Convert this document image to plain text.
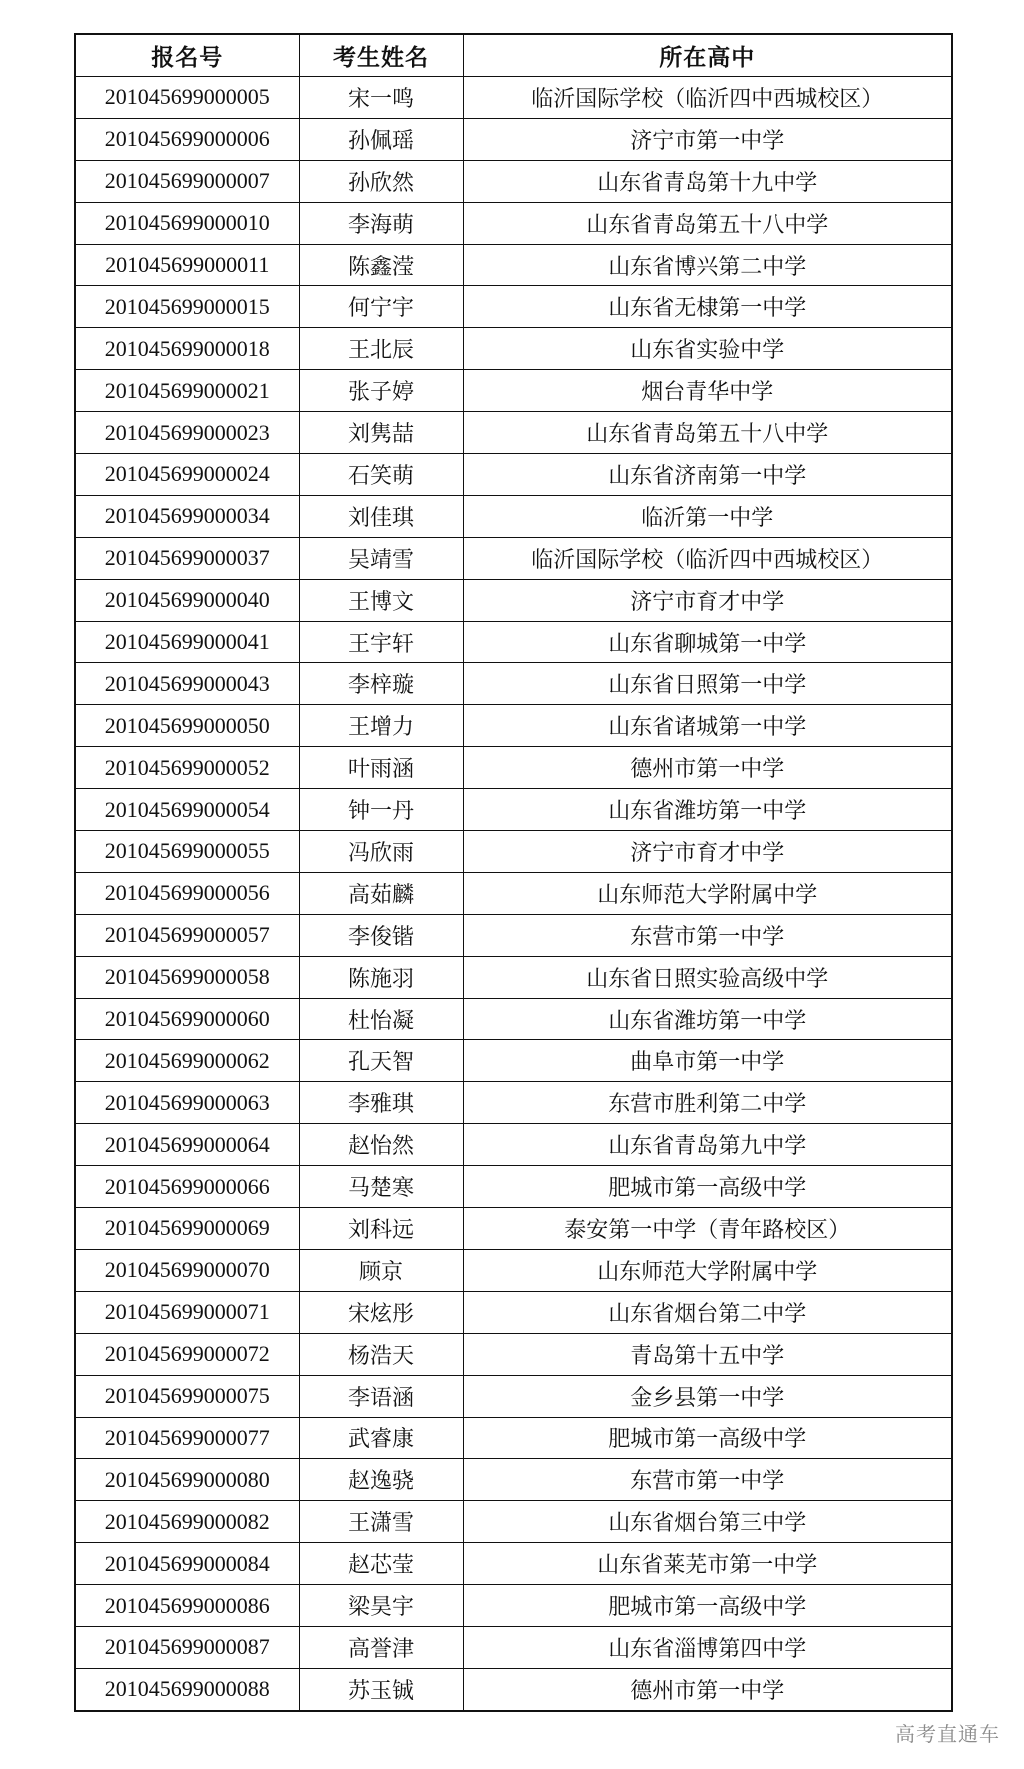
报名号	考生姓名	所在高中
201045699000005	宋一鸣	临沂国际学校（临沂四中西城校区）
201045699000006	孙佩瑶	济宁市第一中学
201045699000007	孙欣然	山东省青岛第十九中学
201045699000010	李海萌	山东省青岛第五十八中学
201045699000011	陈鑫滢	山东省博兴第二中学
201045699000015	何宁宇	山东省无棣第一中学
201045699000018	王北辰	山东省实验中学
201045699000021	张子婷	烟台青华中学
201045699000023	刘隽喆	山东省青岛第五十八中学
201045699000024	石笑萌	山东省济南第一中学
201045699000034	刘佳琪	临沂第一中学
201045699000037	吴靖雪	临沂国际学校（临沂四中西城校区）
201045699000040	王博文	济宁市育才中学
201045699000041	王宇轩	山东省聊城第一中学
201045699000043	李梓璇	山东省日照第一中学
201045699000050	王增力	山东省诸城第一中学
201045699000052	叶雨涵	德州市第一中学
201045699000054	钟一丹	山东省潍坊第一中学
201045699000055	冯欣雨	济宁市育才中学
201045699000056	高茹麟	山东师范大学附属中学
201045699000057	李俊锴	东营市第一中学
201045699000058	陈施羽	山东省日照实验高级中学
201045699000060	杜怡凝	山东省潍坊第一中学
201045699000062	孔天智	曲阜市第一中学
201045699000063	李雅琪	东营市胜利第二中学
201045699000064	赵怡然	山东省青岛第九中学
201045699000066	马楚寒	肥城市第一高级中学
201045699000069	刘科远	泰安第一中学（青年路校区）
201045699000070	顾京	山东师范大学附属中学
201045699000071	宋炫彤	山东省烟台第二中学
201045699000072	杨浩天	青岛第十五中学
201045699000075	李语涵	金乡县第一中学
201045699000077	武睿康	肥城市第一高级中学
201045699000080	赵逸骁	东营市第一中学
201045699000082	王潇雪	山东省烟台第三中学
201045699000084	赵芯莹	山东省莱芜市第一中学
201045699000086	梁昊宇	肥城市第一高级中学
201045699000087	高誉津	山东省淄博第四中学
201045699000088	苏玉铖	德州市第一中学
高考直通车
